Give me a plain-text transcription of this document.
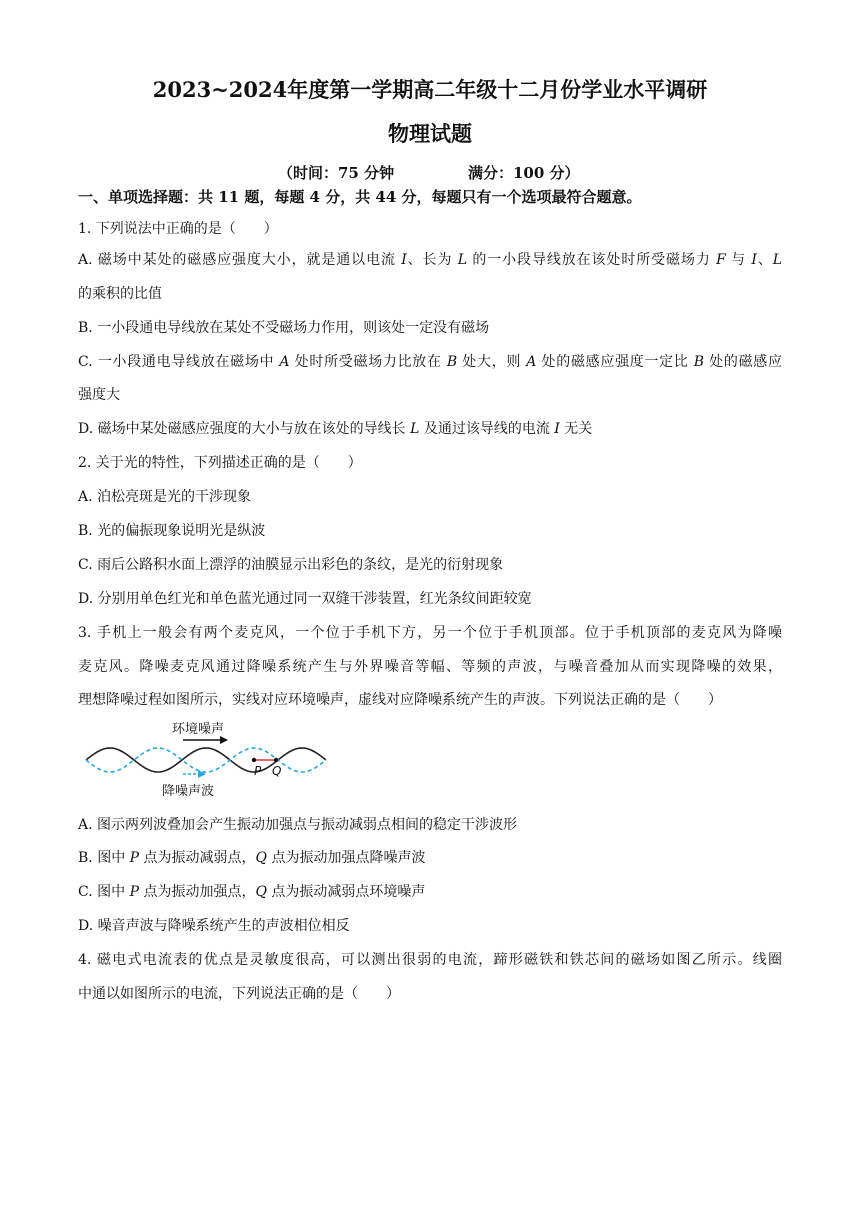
2023~2024年度第一学期高二年级十二月份学业水平调研
物理试题
（时间：75 分钟	满分：100 分）
一、单项选择题：共 11 题，每题 4 分，共 44 分，每题只有一个选项最符合题意。
1. 下列说法中正确的是（　　）
A. 磁场中某处的磁感应强度大小，就是通以电流 I、长为 L 的一小段导线放在该处时所受磁场力 F 与 I、L
的乘积的比值
B. 一小段通电导线放在某处不受磁场力作用，则该处一定没有磁场
C. 一小段通电导线放在磁场中 A 处时所受磁场力比放在 B 处大，则 A 处的磁感应强度一定比 B 处的磁感应
强度大
D. 磁场中某处磁感应强度的大小与放在该处的导线长 L 及通过该导线的电流 I 无关
2. 关于光的特性，下列描述正确的是（　　）
A. 泊松亮斑是光的干涉现象
B. 光的偏振现象说明光是纵波
C. 雨后公路积水面上漂浮的油膜显示出彩色的条纹，是光的衍射现象
D. 分别用单色红光和单色蓝光通过同一双缝干涉装置，红光条纹间距较宽
3. 手机上一般会有两个麦克风，一个位于手机下方，另一个位于手机顶部。位于手机顶部的麦克风为降噪
麦克风。降噪麦克风通过降噪系统产生与外界噪音等幅、等频的声波，与噪音叠加从而实现降噪的效果，
理想降噪过程如图所示，实线对应环境噪声，虚线对应降噪系统产生的声波。下列说法正确的是（　　）
环境噪声
降噪声波
P Q
A. 图示两列波叠加会产生振动加强点与振动减弱点相间的稳定干涉波形
B. 图中 P 点为振动减弱点，Q 点为振动加强点降噪声波
C. 图中 P 点为振动加强点，Q 点为振动减弱点环境噪声
D. 噪音声波与降噪系统产生的声波相位相反
4. 磁电式电流表的优点是灵敏度很高，可以测出很弱的电流，蹄形磁铁和铁芯间的磁场如图乙所示。线圈
中通以如图所示的电流，下列说法正确的是（　　）
